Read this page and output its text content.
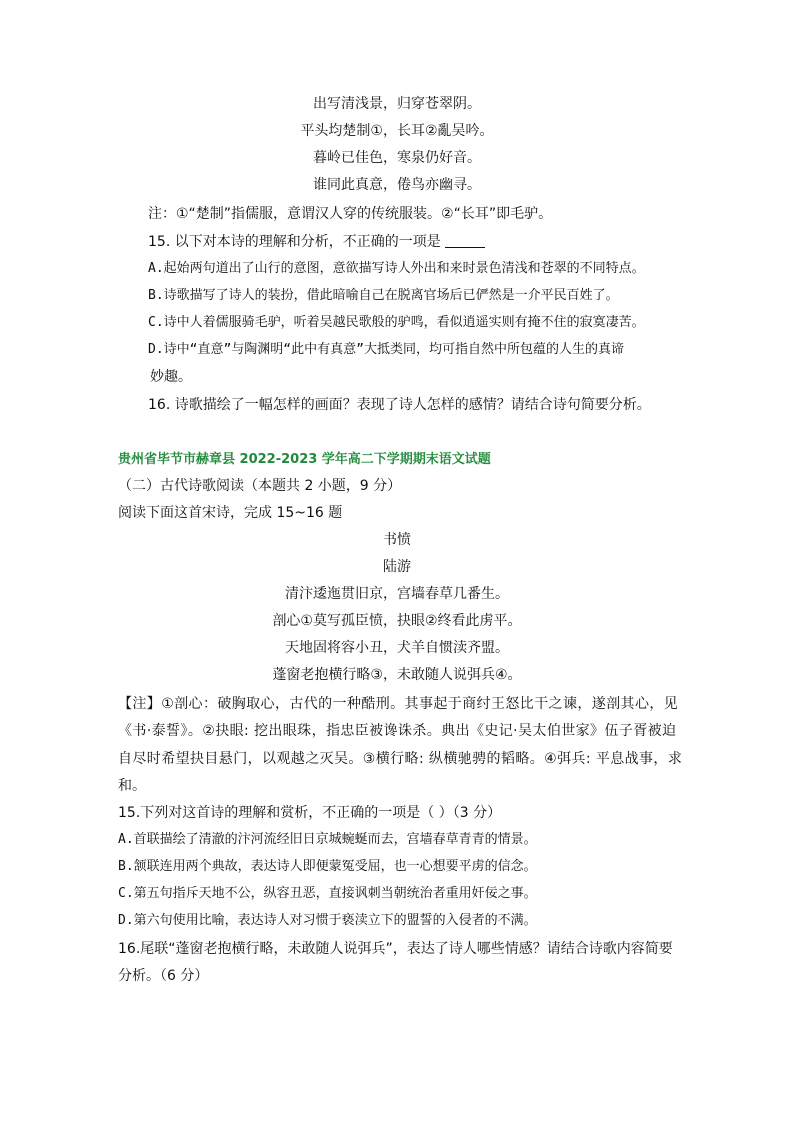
出写清浅景，归穿苍翠阴。
平头均楚制①，长耳②亂吴吟。
暮岭已佳色，寒泉仍好音。
谁同此真意，倦鸟亦幽寻。
注：①“楚制”指儒服，意谓汉人穿的传统服装。②“长耳”即毛驴。
15. 以下对本诗的理解和分析，不正确的一项是
A.起始两句道出了山行的意图，意欲描写诗人外出和来时景色清浅和苍翠的不同特点。
B.诗歌描写了诗人的装扮，借此暗喻自己在脱离官场后已俨然是一介平民百姓了。
C.诗中人着儒服骑毛驴，听着吴越民歌般的驴鸣，看似逍遥实则有掩不住的寂寞凄苦。
D.诗中“直意”与陶渊明“此中有真意”大抵类同，均可指自然中所包蕴的人生的真谛
妙趣。
16. 诗歌描绘了一幅怎样的画面？表现了诗人怎样的感情？请结合诗句简要分析。
贵州省毕节市赫章县 2022-2023 学年高二下学期期末语文试题
（二）古代诗歌阅读（本题共 2 小题，9 分）
阅读下面这首宋诗，完成 15~16 题
书愤
陆游
清汴逶迤贯旧京，宫墙春草几番生。
剖心①莫写孤臣愤，抉眼②终看此虏平。
天地固将容小丑，犬羊自惯渎齐盟。
蓬窗老抱横行略③，未敢随人说弭兵④。
【注】①剖心：破胸取心，古代的一种酷刑。其事起于商纣王怒比干之谏，遂剖其心，见
《书·泰誓》。②抉眼: 挖出眼珠，指忠臣被谗诛杀。典出《史记·吴太伯世家》伍子胥被迫
自尽时希望抉目悬门，以观越之灭吴。③横行略: 纵横驰骋的韬略。④弭兵: 平息战事，求
和。
15.下列对这首诗的理解和赏析，不正确的一项是（ ）（3 分）
A.首联描绘了清澈的汴河流经旧日京城蜿蜒而去，宫墙春草青青的情景。
B.颔联连用两个典故，表达诗人即便蒙冤受屈，也一心想要平虏的信念。
C.第五句指斥天地不公，纵容丑恶，直接讽刺当朝统治者重用奸佞之事。
D.第六句使用比喻，表达诗人对习惯于亵渎立下的盟誓的入侵者的不满。
16.尾联“蓬窗老抱横行略，未敢随人说弭兵”，表达了诗人哪些情感？请结合诗歌内容简要
分析。（6 分）
